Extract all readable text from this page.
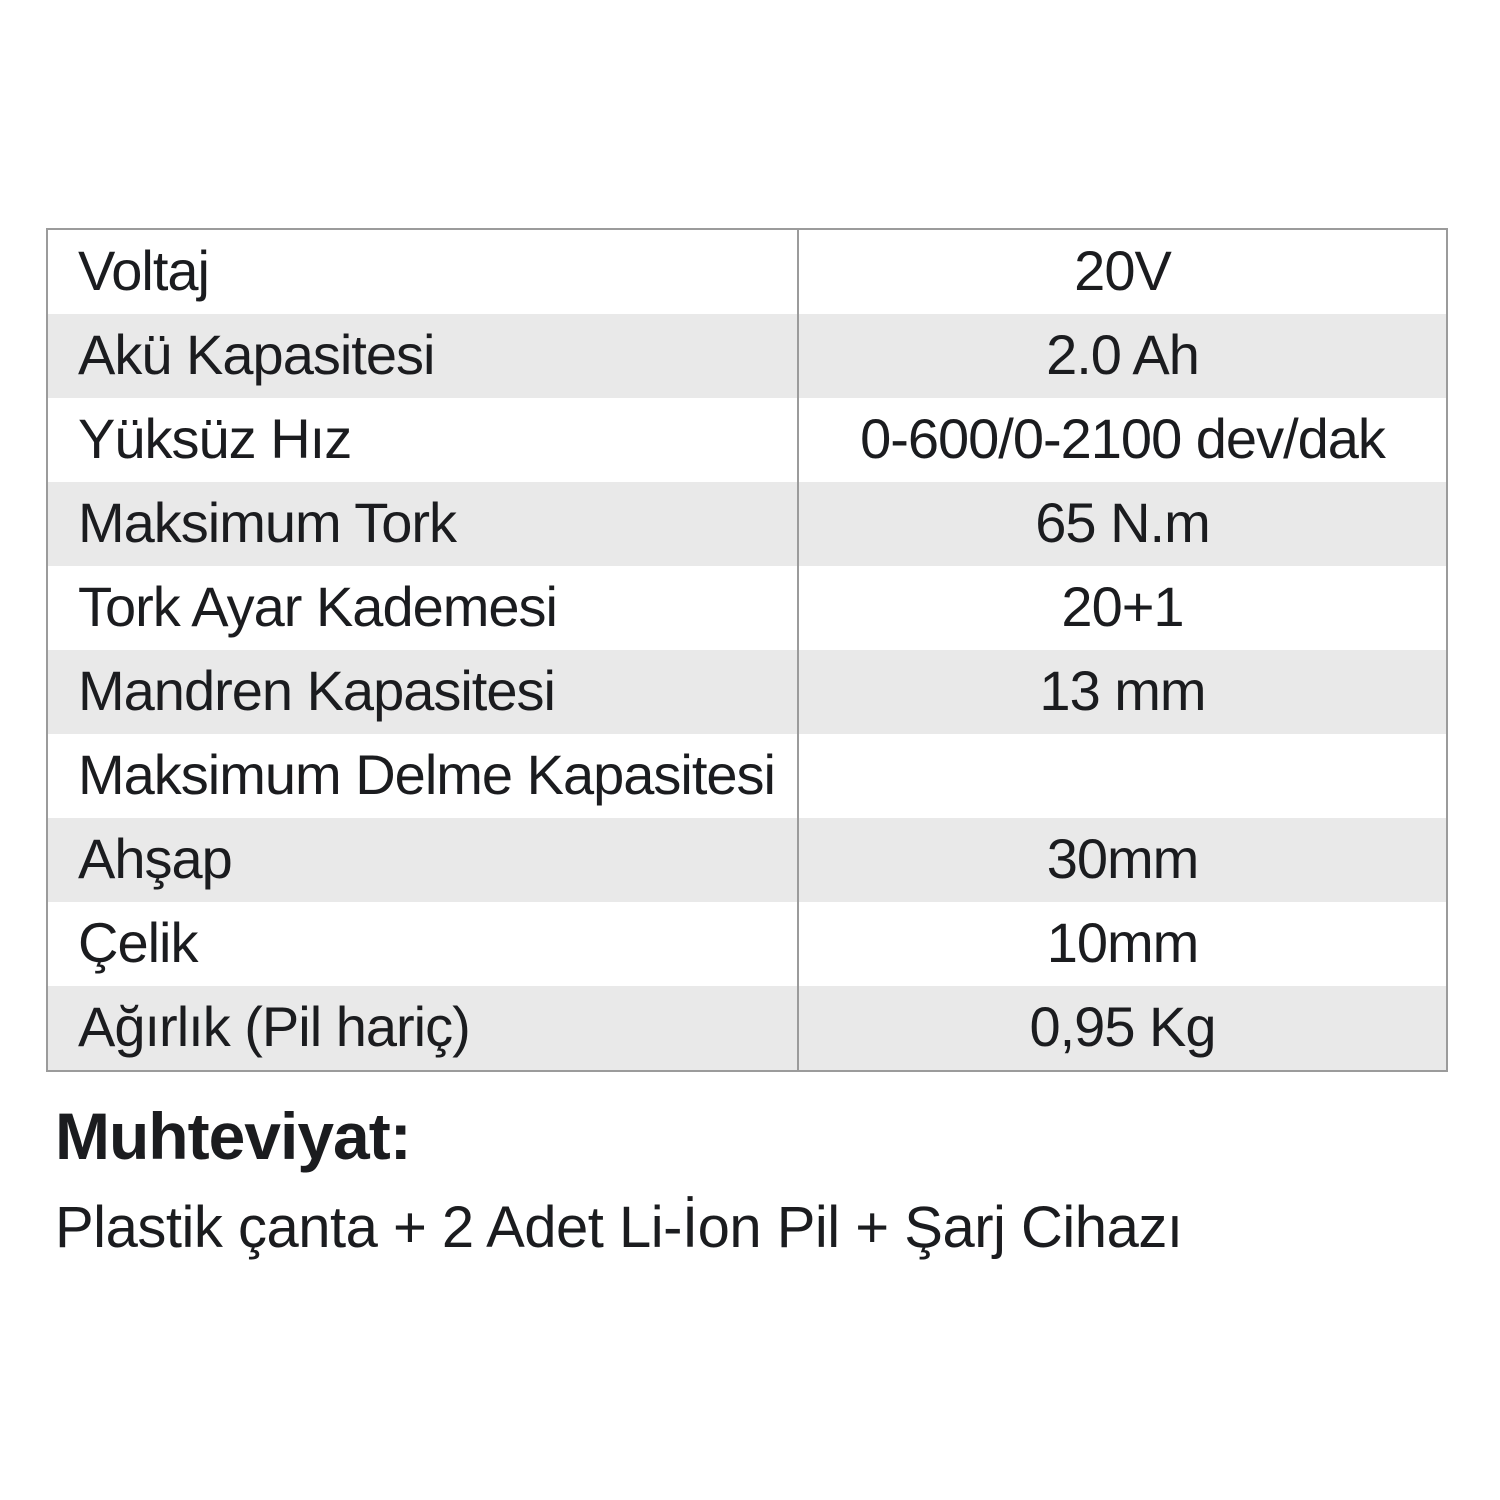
Voltaj	20V
Akü Kapasitesi	2.0 Ah
Yüksüz Hız	0-600/0-2100 dev/dak
Maksimum Tork	65 N.m
Tork Ayar Kademesi	20+1
Mandren Kapasitesi	13 mm
Maksimum Delme Kapasitesi
Ahşap	30mm
Çelik	10mm
Ağırlık (Pil hariç)	0,95 Kg

Muhteviyat:

Plastik çanta + 2 Adet Li-İon Pil + Şarj Cihazı
